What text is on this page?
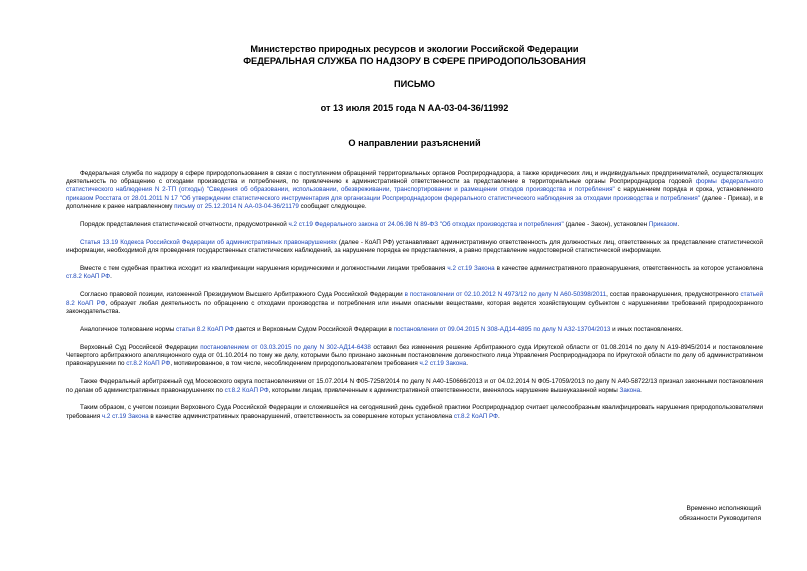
Министерство природных ресурсов и экологии Российской Федерации
ФЕДЕРАЛЬНАЯ СЛУЖБА ПО НАДЗОРУ В СФЕРЕ ПРИРОДОПОЛЬЗОВАНИЯ
ПИСЬМО
от 13 июля 2015 года N АА-03-04-36/11992
О направлении разъяснений

Федеральная служба по надзору в сфере природопользования в связи с поступлением обращений территориальных органов Росприроднадзора, а также юридических лиц и индивидуальных предпринимателей, осуществляющих деятельность по обращению с отходами производства и потребления, по привлечению к административной ответственности за представление в территориальные органы Росприроднадзора годовой формы федерального статистического наблюдения N 2-ТП (отходы) "Сведения об образовании, использовании, обезвреживании, транспортировании и размещении отходов производства и потребления" с нарушением порядка и срока, установленного приказом Росстата от 28.01.2011 N 17 "Об утверждении статистического инструментария для организации Росприроднадзором федерального статистического наблюдения за отходами производства и потребления" (далее - Приказ), и в дополнение к ранее направленному письму от 25.12.2014 N АА-03-04-36/21179 сообщает следующее.

Порядок представления статистической отчетности, предусмотренной ч.2 ст.19 Федерального закона от 24.06.98 N 89-ФЗ "Об отходах производства и потребления" (далее - Закон), установлен Приказом.

Статья 13.19 Кодекса Российской Федерации об административных правонарушениях (далее - КоАП РФ) устанавливает административную ответственность для должностных лиц, ответственных за представление статистической информации, необходимой для проведения государственных статистических наблюдений, за нарушение порядка ее представления, а равно представление недостоверной статистической информации.

Вместе с тем судебная практика исходит из квалификации нарушения юридическими и должностными лицами требования ч.2 ст.19 Закона в качестве административного правонарушения, ответственность за которое установлена ст.8.2 КоАП РФ.

Согласно правовой позиции, изложенной Президиумом Высшего Арбитражного Суда Российской Федерации в постановлении от 02.10.2012 N 4973/12 по делу N А60-50398/2011, состав правонарушения, предусмотренного статьей 8.2 КоАП РФ, образует любая деятельность по обращению с отходами производства и потребления или иными опасными веществами, которая ведется хозяйствующим субъектом с нарушениями требований природоохранного законодательства.

Аналогичное толкование нормы статьи 8.2 КоАП РФ дается и Верховным Судом Российской Федерации в постановлении от 09.04.2015 N 308-АД14-4895 по делу N А32-13704/2013 и иных постановлениях.

Верховный Суд Российской Федерации постановлением от 03.03.2015 по делу N 302-АД14-6438 оставил без изменения решение Арбитражного суда Иркутской области от 01.08.2014 по делу N А19-8945/2014 и постановление Четвертого арбитражного апелляционного суда от 01.10.2014 по тому же делу, которыми было признано законным постановление должностного лица Управления Росприроднадзора по Иркутской области по делу об административном правонарушении по ст.8.2 КоАП РФ, мотивированное, в том числе, несоблюдением природопользователем требования ч.2 ст.19 Закона.

Также Федеральный арбитражный суд Московского округа постановлениями от 15.07.2014 N Ф05-7258/2014 по делу N А40-150666/2013 и от 04.02.2014 N Ф05-17059/2013 по делу N А40-58722/13 признал законными постановления по делам об административных правонарушениях по ст.8.2 КоАП РФ, которыми лицам, привлеченным к административной ответственности, вменялось нарушение вышеуказанной нормы Закона.

Таким образом, с учетом позиции Верховного Суда Российской Федерации и сложившейся на сегодняшний день судебной практики Росприроднадзор считает целесообразным квалифицировать нарушения природопользователями требования ч.2 ст.19 Закона в качестве административных правонарушений, ответственность за совершение которых установлена ст.8.2 КоАП РФ.

Временно исполняющий
обязанности Руководителя
